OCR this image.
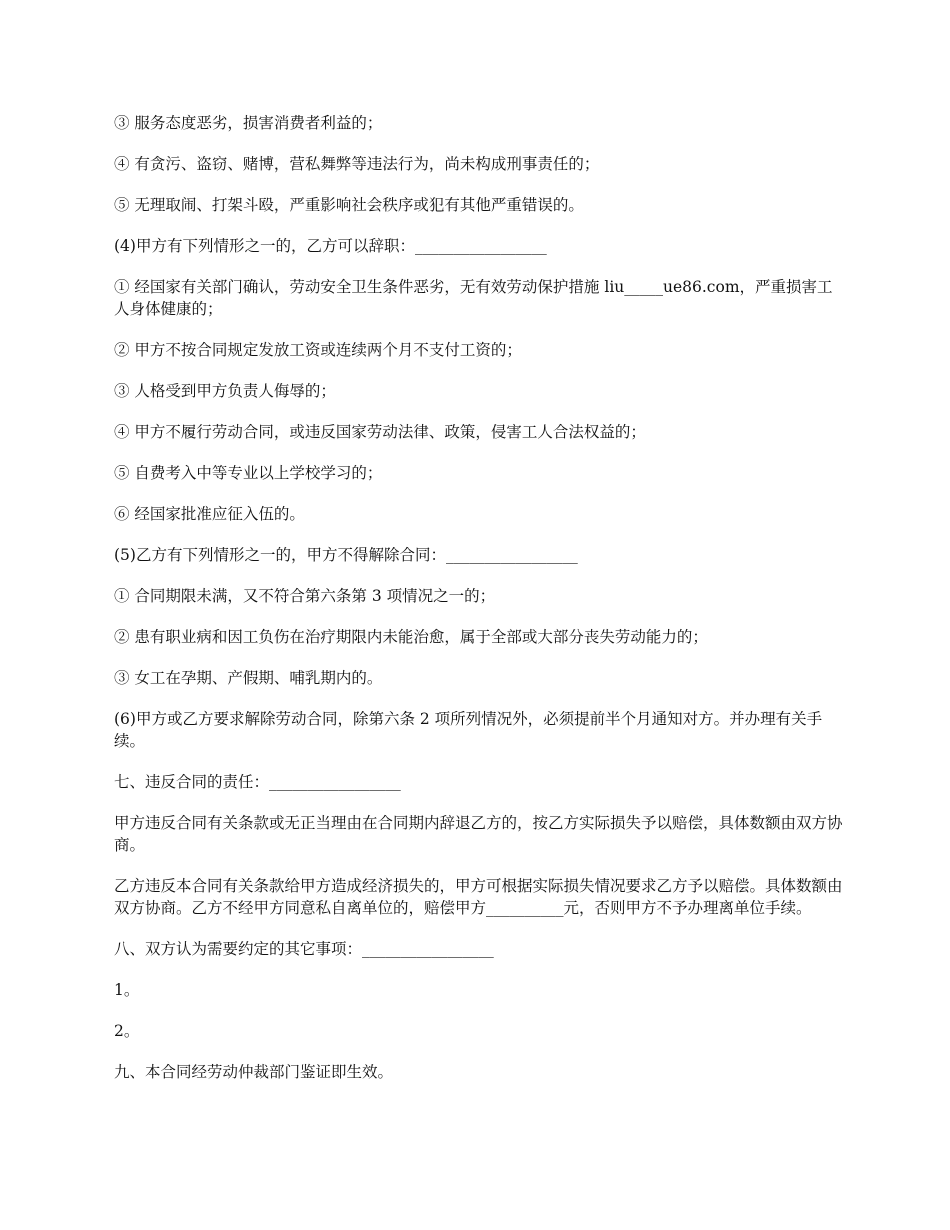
③ 服务态度恶劣，损害消费者利益的；

④ 有贪污、盗窃、赌博，营私舞弊等违法行为，尚未构成刑事责任的；

⑤ 无理取闹、打架斗殴，严重影响社会秩序或犯有其他严重错误的。

(4)甲方有下列情形之一的，乙方可以辞职：_________________

① 经国家有关部门确认，劳动安全卫生条件恶劣，无有效劳动保护措施 liu_____ue86.com，严重损害工人身体健康的；

② 甲方不按合同规定发放工资或连续两个月不支付工资的；

③ 人格受到甲方负责人侮辱的；

④ 甲方不履行劳动合同，或违反国家劳动法律、政策，侵害工人合法权益的；

⑤ 自费考入中等专业以上学校学习的；

⑥ 经国家批准应征入伍的。

(5)乙方有下列情形之一的，甲方不得解除合同：_________________

① 合同期限未满，又不符合第六条第 3 项情况之一的；

② 患有职业病和因工负伤在治疗期限内未能治愈，属于全部或大部分丧失劳动能力的；

③ 女工在孕期、产假期、哺乳期内的。

(6)甲方或乙方要求解除劳动合同，除第六条 2 项所列情况外，必须提前半个月通知对方。并办理有关手续。

七、违反合同的责任：_________________

甲方违反合同有关条款或无正当理由在合同期内辞退乙方的，按乙方实际损失予以赔偿，具体数额由双方协商。

乙方违反本合同有关条款给甲方造成经济损失的，甲方可根据实际损失情况要求乙方予以赔偿。具体数额由双方协商。乙方不经甲方同意私自离单位的，赔偿甲方__________元，否则甲方不予办理离单位手续。

八、双方认为需要约定的其它事项：_________________

1。

2。

九、本合同经劳动仲裁部门鉴证即生效。
